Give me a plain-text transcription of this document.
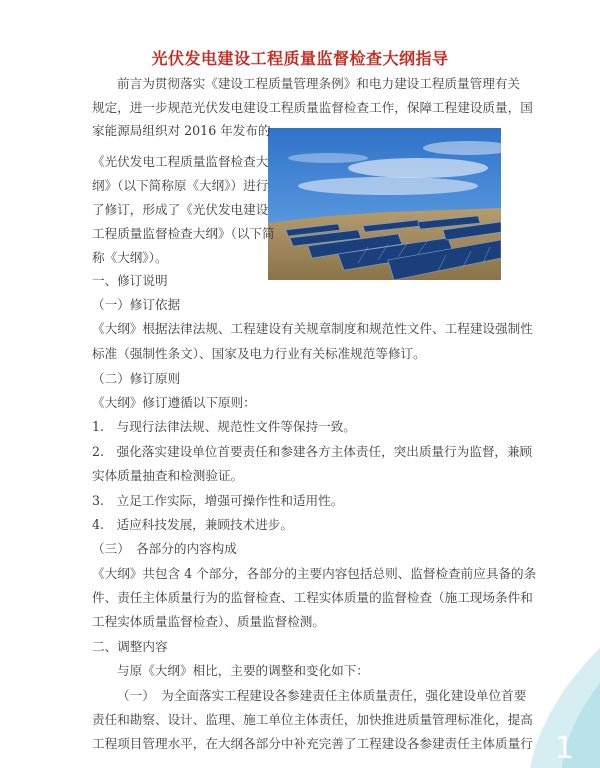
光伏发电建设工程质量监督检查大纲指导
前言为贯彻落实《建设工程质量管理条例》和电力建设工程质量管理有关
规定，进一步规范光伏发电建设工程质量监督检查工作，保障工程建设质量，国
家能源局组织对 2016 年发布的
《光伏发电工程质量监督检查大
纲》（以下简称原《大纲》）进行
了修订，形成了《光伏发电建设
工程质量监督检查大纲》（以下简
称《大纲》）。
一、修订说明
（一）修订依据
《大纲》根据法律法规、工程建设有关规章制度和规范性文件、工程建设强制性
标准（强制性条文）、国家及电力行业有关标准规范等修订。
（二）修订原则
《大纲》修订遵循以下原则：
1.　与现行法律法规、规范性文件等保持一致。
2.　强化落实建设单位首要责任和参建各方主体责任，突出质量行为监督，兼顾
实体质量抽查和检测验证。
3.　立足工作实际，增强可操作性和适用性。
4.　适应科技发展，兼顾技术进步。
（三）　各部分的内容构成
《大纲》共包含 4 个部分，各部分的主要内容包括总则、监督检查前应具备的条
件、责任主体质量行为的监督检查、工程实体质量的监督检查（施工现场条件和
工程实体质量监督检查）、质量监督检测。
二、调整内容
与原《大纲》相比，主要的调整和变化如下：
（一）　为全面落实工程建设各参建责任主体质量责任，强化建设单位首要
责任和勘察、设计、监理、施工单位主体责任，加快推进质量管理标准化，提高
工程项目管理水平，在大纲各部分中补充完善了工程建设各参建责任主体质量行 1
